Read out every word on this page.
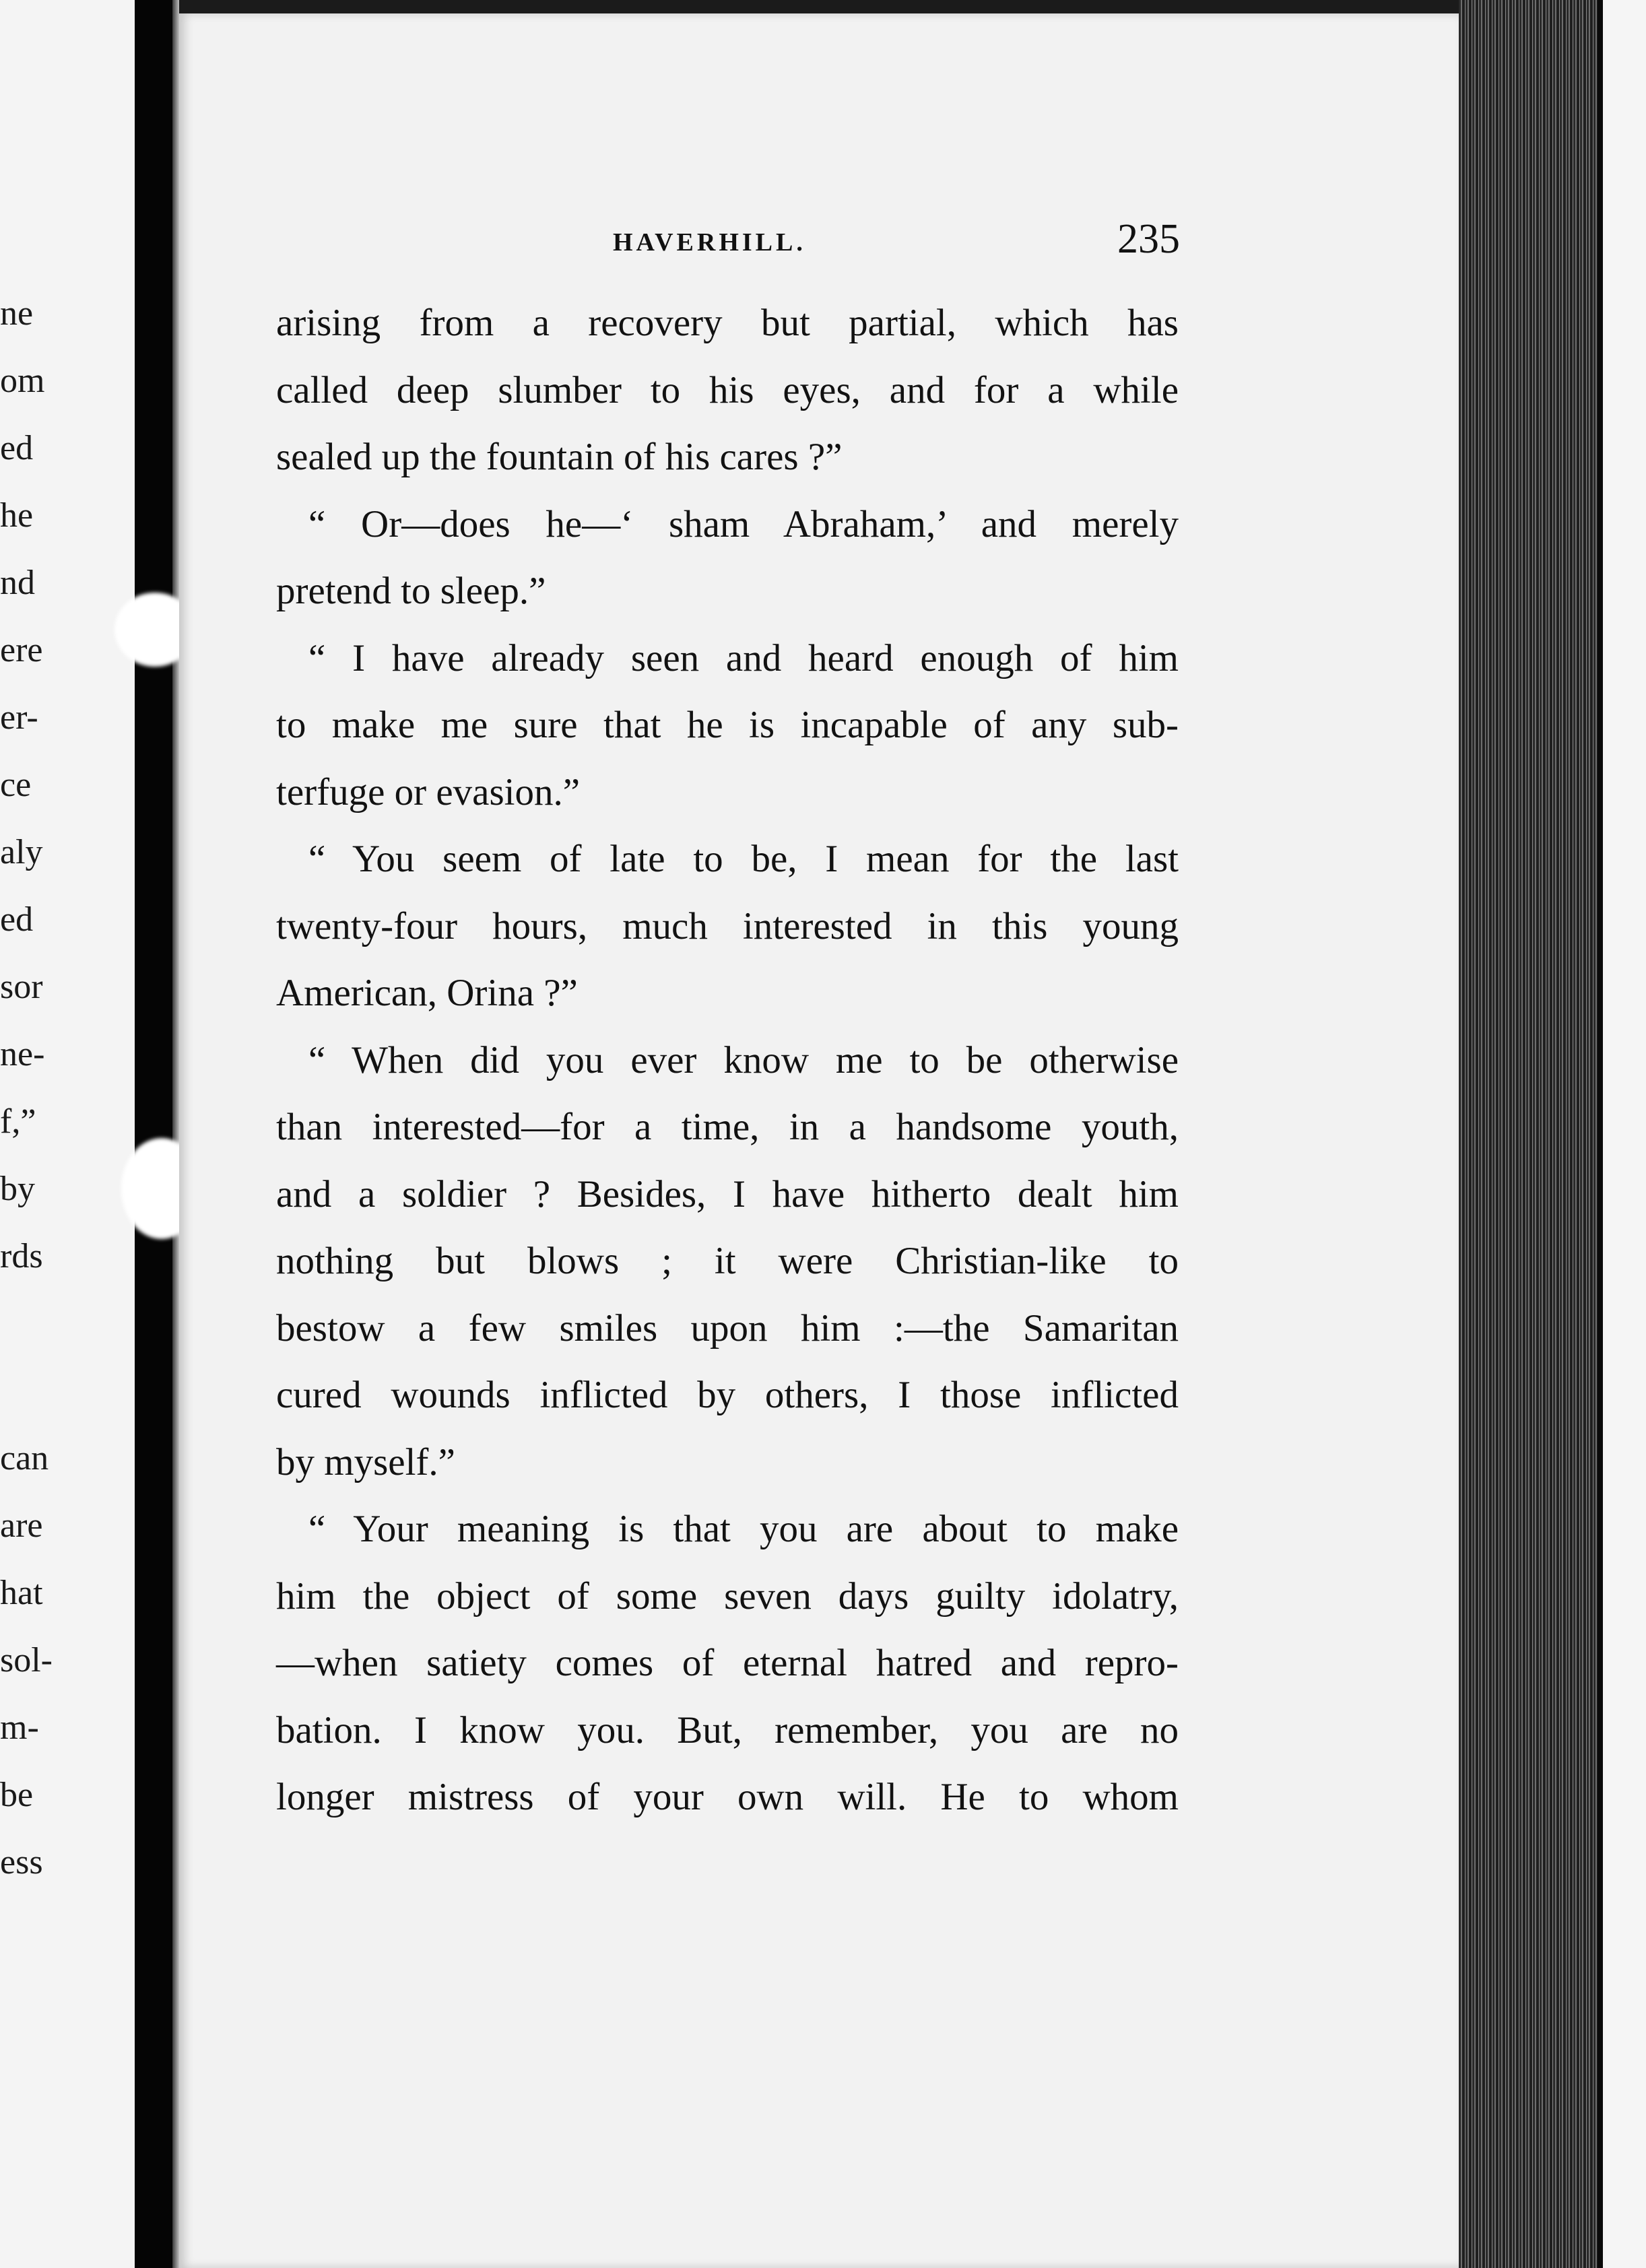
ne
om
ed
he
nd
ere
er-
ce
aly
ed
sor
ne-
f,”
by
rds
can
are
hat
sol-
m-
be
ess
HAVERHILL.	235
arising from a recovery but partial, which has
called deep slumber to his eyes, and for a while
sealed up the fountain of his cares ?”
“ Or—does he—‘ sham Abraham,’ and merely
pretend to sleep.”
“ I have already seen and heard enough of him
to make me sure that he is incapable of any sub-
terfuge or evasion.”
“ You seem of late to be, I mean for the last
twenty-four hours, much interested in this young
American, Orina ?”
“ When did you ever know me to be otherwise
than interested—for a time, in a handsome youth,
and a soldier ? Besides, I have hitherto dealt him
nothing but blows ; it were Christian-like to
bestow a few smiles upon him :—the Samaritan
cured wounds inflicted by others, I those inflicted
by myself.”
“ Your meaning is that you are about to make
him the object of some seven days guilty idolatry,
—when satiety comes of eternal hatred and repro-
bation. I know you. But, remember, you are no
longer mistress of your own will. He to whom
